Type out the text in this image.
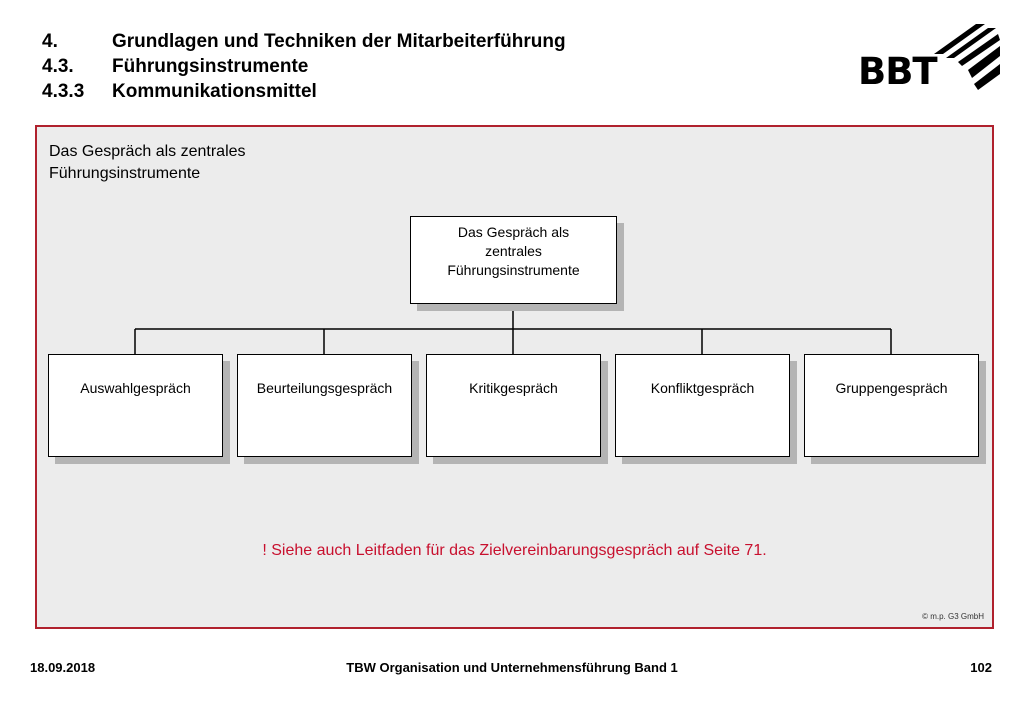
4.	Grundlagen und Techniken der Mitarbeiterführung
4.3. Führungsinstrumente
4.3.3 Kommunikationsmittel	BBT
Das Gespräch als zentrales
Führungsinstrumente
Das Gespräch als
zentrales
Führungsinstrumente
Auswahlgespräch	Beurteilungsgespräch	Kritikgespräch	Konfliktgespräch	Gruppengespräch
! Siehe auch Leitfaden für das Zielvereinbarungsgespräch auf Seite 71.
© m.p. G3 GmbH
18.09.2018	TBW Organisation und Unternehmensführung Band 1	102
